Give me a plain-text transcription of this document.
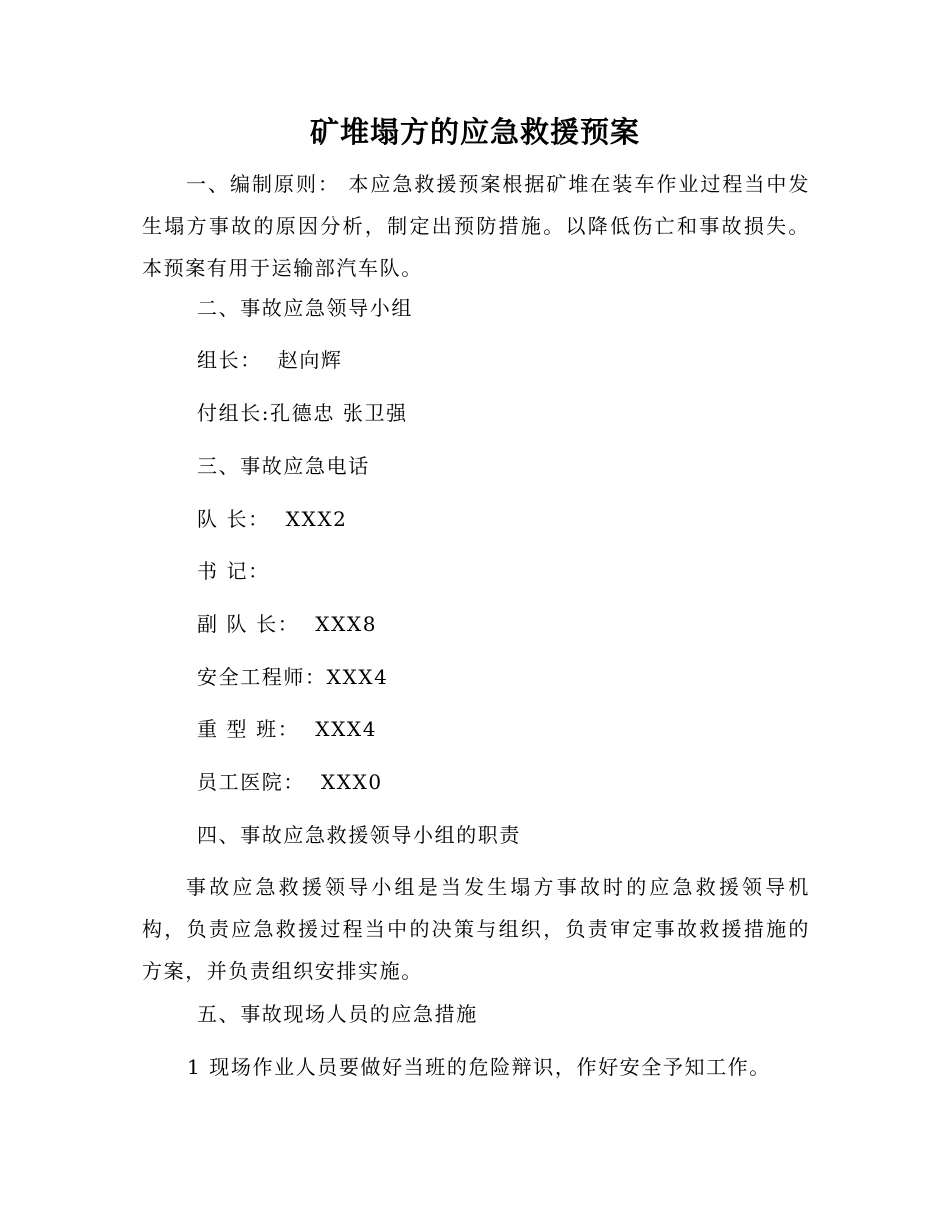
矿堆塌方的应急救援预案
一、编制原则： 本应急救援预案根据矿堆在装车作业过程当中发生塌方事故的原因分析，制定出预防措施。以降低伤亡和事故损失。本预案有用于运输部汽车队。
二、事故应急领导小组
组长：  赵向辉
付组长:孔德忠 张卫强
三、事故应急电话
队 长：  XXX2
书 记：
副 队 长：  XXX8
安全工程师：XXX4
重 型 班：  XXX4
员工医院：  XXX0
四、事故应急救援领导小组的职责
事故应急救援领导小组是当发生塌方事故时的应急救援领导机构，负责应急救援过程当中的决策与组织，负责审定事故救援措施的方案，并负责组织安排实施。
五、事故现场人员的应急措施
1 现场作业人员要做好当班的危险辩识，作好安全予知工作。
